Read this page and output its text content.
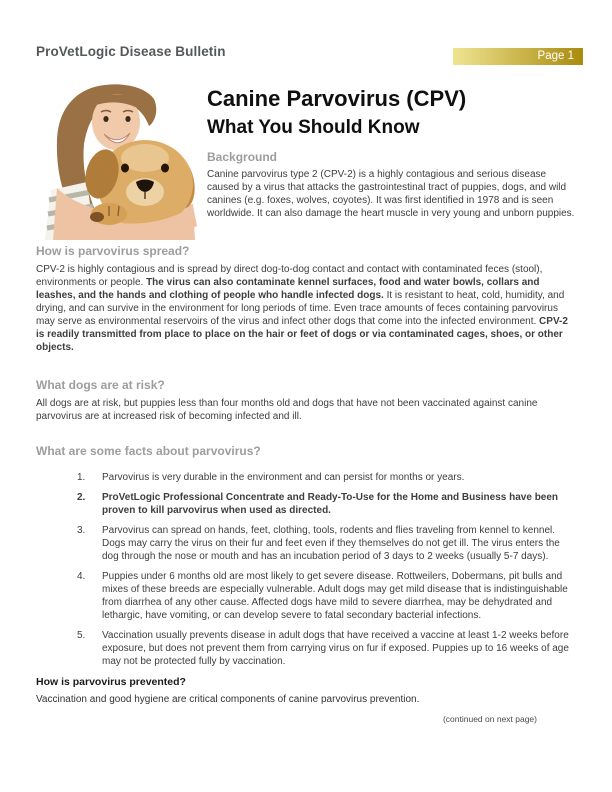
ProVetLogic Disease Bulletin	Page 1
Canine Parvovirus (CPV)
What You Should Know
Background
Canine parvovirus type 2 (CPV-2) is a highly contagious and serious disease caused by a virus that attacks the gastrointestinal tract of puppies, dogs, and wild canines (e.g. foxes, wolves, coyotes). It was first identified in 1978 and is seen worldwide. It can also damage the heart muscle in very young and unborn puppies.
How is parvovirus spread?
CPV-2 is highly contagious and is spread by direct dog-to-dog contact and contact with contaminated feces (stool), environments or people. The virus can also contaminate kennel surfaces, food and water bowls, collars and leashes, and the hands and clothing of people who handle infected dogs. It is resistant to heat, cold, humidity, and drying, and can survive in the environment for long periods of time. Even trace amounts of feces containing parvovirus may serve as environmental reservoirs of the virus and infect other dogs that come into the infected environment. CPV-2 is readily transmitted from place to place on the hair or feet of dogs or via contaminated cages, shoes, or other objects.
What dogs are at risk?
All dogs are at risk, but puppies less than four months old and dogs that have not been vaccinated against canine parvovirus are at increased risk of becoming infected and ill.
What are some facts about parvovirus?
1.	Parvovirus is very durable in the environment and can persist for months or years.
2.	ProVetLogic Professional Concentrate and Ready-To-Use for the Home and Business have been proven to kill parvovirus when used as directed.
3.	Parvovirus can spread on hands, feet, clothing, tools, rodents and flies traveling from kennel to kennel. Dogs may carry the virus on their fur and feet even if they themselves do not get ill. The virus enters the dog through the nose or mouth and has an incubation period of 3 days to 2 weeks (usually 5-7 days).
4.	Puppies under 6 months old are most likely to get severe disease. Rottweilers, Dobermans, pit bulls and mixes of these breeds are especially vulnerable. Adult dogs may get mild disease that is indistinguishable from diarrhea of any other cause. Affected dogs have mild to severe diarrhea, may be dehydrated and lethargic, have vomiting, or can develop severe to fatal secondary bacterial infections.
5.	Vaccination usually prevents disease in adult dogs that have received a vaccine at least 1-2 weeks before exposure, but does not prevent them from carrying virus on fur if exposed. Puppies up to 16 weeks of age may not be protected fully by vaccination.
How is parvovirus prevented?
Vaccination and good hygiene are critical components of canine parvovirus prevention.
(continued on next page)
